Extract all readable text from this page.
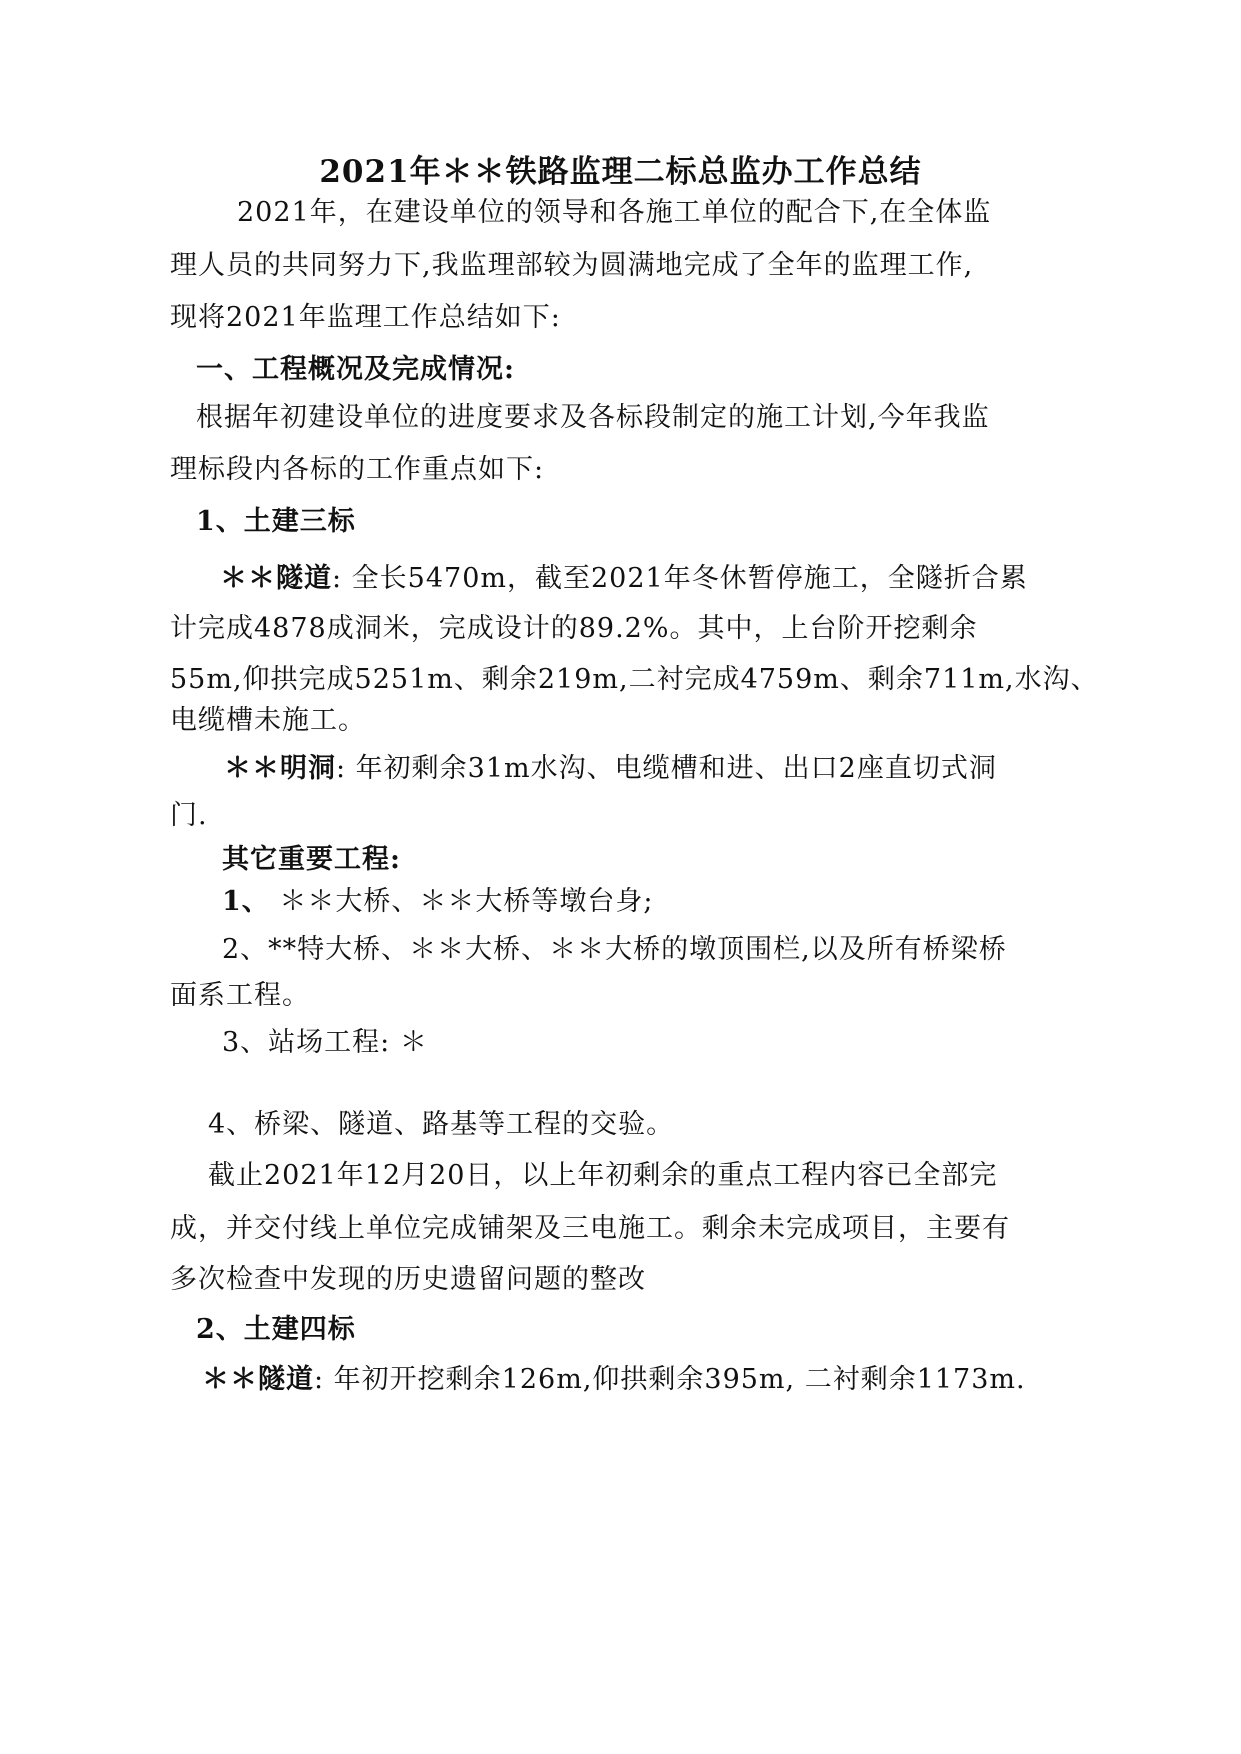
2021年＊＊铁路监理二标总监办工作总结
2021年，在建设单位的领导和各施工单位的配合下,在全体监
理人员的共同努力下,我监理部较为圆满地完成了全年的监理工作,
现将2021年监理工作总结如下:
一、工程概况及完成情况:
根据年初建设单位的进度要求及各标段制定的施工计划,今年我监
理标段内各标的工作重点如下:
1、土建三标
＊＊隧道: 全长5470m，截至2021年冬休暂停施工，全隧折合累
计完成4878成洞米，完成设计的89.2%。其中，上台阶开挖剩余
55m,仰拱完成5251m、剩余219m,二衬完成4759m、剩余711m,水沟、
电缆槽未施工。
＊＊明洞: 年初剩余31m水沟、电缆槽和进、出口2座直切式洞
门.
其它重要工程:
1、 ＊＊大桥、＊＊大桥等墩台身;
2、**特大桥、＊＊大桥、＊＊大桥的墩顶围栏,以及所有桥梁桥
面系工程。
3、站场工程: ＊
4、桥梁、隧道、路基等工程的交验。
截止2021年12月20日，以上年初剩余的重点工程内容已全部完
成，并交付线上单位完成铺架及三电施工。剩余未完成项目，主要有
多次检查中发现的历史遗留问题的整改
2、土建四标
＊＊隧道: 年初开挖剩余126m,仰拱剩余395m, 二衬剩余1173m.
